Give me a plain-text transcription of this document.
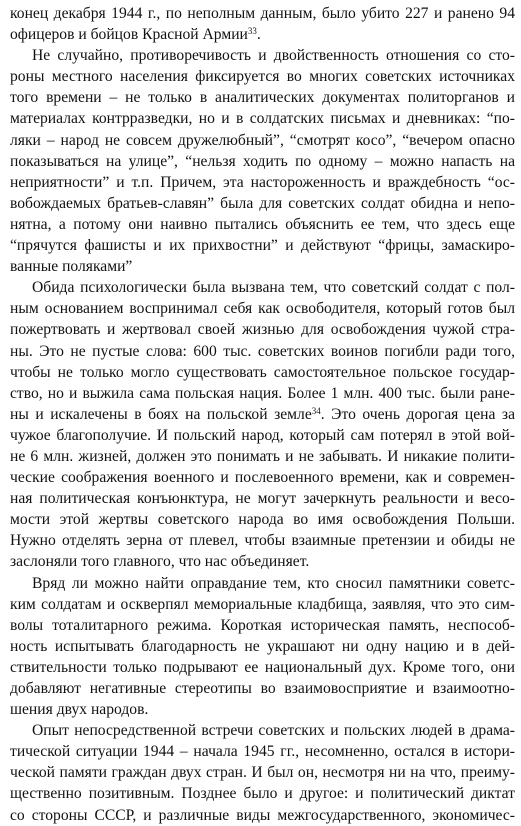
конец декабря 1944 г., по неполным данным, было убито 227 и ранено 94
офицеров и бойцов Красной Армии$^{33}$.
Не случайно, противоречивость и двойственность отношения со сто-
роны местного населения фиксируется во многих советских источниках
того времени – не только в аналитических документах политорганов и
материалах контрразведки, но и в солдатских письмах и дневниках: “по-
ляки – народ не совсем дружелюбный”, “смотрят косо”, “вечером опасно
показываться на улице”, “нельзя ходить по одному – можно напасть на
неприятности” и т.п. Причем, эта настороженность и враждебность “ос-
вобождаемых братьев-славян” была для советских солдат обидна и непо-
нятна, а потому они наивно пытались объяснить ее тем, что здесь еще
“прячутся фашисты и их прихвостни” и действуют “фрицы, замаскиро-
ванные поляками”
Обида психологически была вызвана тем, что советский солдат с пол-
ным основанием воспринимал себя как освободителя, который готов был
пожертвовать и жертвовал своей жизнью для освобождения чужой стра-
ны. Это не пустые слова: 600 тыс. советских воинов погибли ради того,
чтобы не только могло существовать самостоятельное польское государ-
ство, но и выжила сама польская нация. Более 1 млн. 400 тыс. были ране-
ны и искалечены в боях на польской земле$^{34}$. Это очень дорогая цена за
чужое благополучие. И польский народ, который сам потерял в этой вой-
не 6 млн. жизней, должен это понимать и не забывать. И никакие полити-
ческие соображения военного и послевоенного времени, как и современ-
ная политическая конъюнктура, не могут зачеркнуть реальности и весо-
мости этой жертвы советского народа во имя освобождения Польши.
Нужно отделять зерна от плевел, чтобы взаимные претензии и обиды не
заслоняли того главного, что нас объединяет.
Вряд ли можно найти оправдание тем, кто сносил памятники советс-
ким солдатам и оскверпял мемориальные кладбища, заявляя, что это сим-
волы тоталитарного режима. Короткая историческая память, неспособ-
ность испытывать благодарность не украшают ни одну нацию и в дей-
ствительности только подрывают ее национальный дух. Кроме того, они
добавляют негативные стереотипы во взаимовосприятие и взаимоотно-
шения двух народов.
Опыт непосредственной встречи советских и польских людей в драма-
тической ситуации 1944 – начала 1945 гг., несомненно, остался в истори-
ческой памяти граждан двух стран. И был он, несмотря ни на что, преиму-
щественно позитивным. Позднее было и другое: и политический диктат
со стороны СССР, и различные виды межгосударственного, экономичес-
